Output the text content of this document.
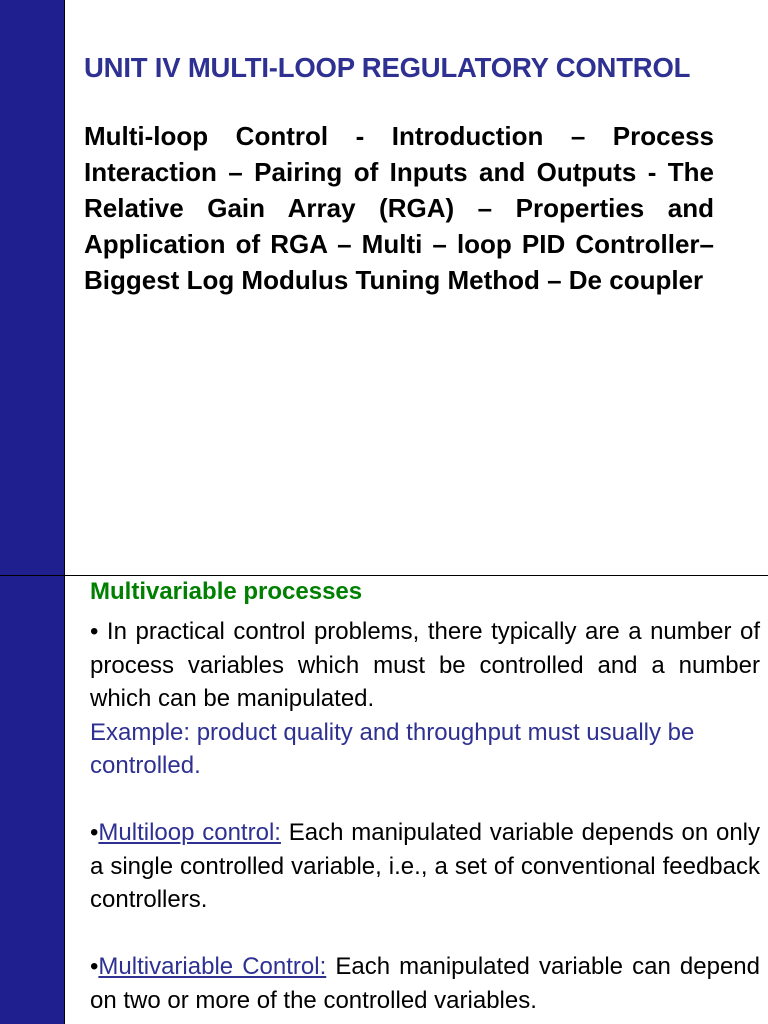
UNIT IV MULTI-LOOP REGULATORY CONTROL

Multi-loop Control - Introduction – Process Interaction – Pairing of Inputs and Outputs - The Relative Gain Array (RGA) – Properties and Application of RGA – Multi – loop PID Controller– Biggest Log Modulus Tuning Method – De coupler

Multivariable processes

• In practical control problems, there typically are a number of process variables which must be controlled and a number which can be manipulated.

Example: product quality and throughput must usually be controlled.

•Multiloop control: Each manipulated variable depends on only a single controlled variable, i.e., a set of conventional feedback controllers.

•Multivariable Control: Each manipulated variable can depend on two or more of the controlled variables.
